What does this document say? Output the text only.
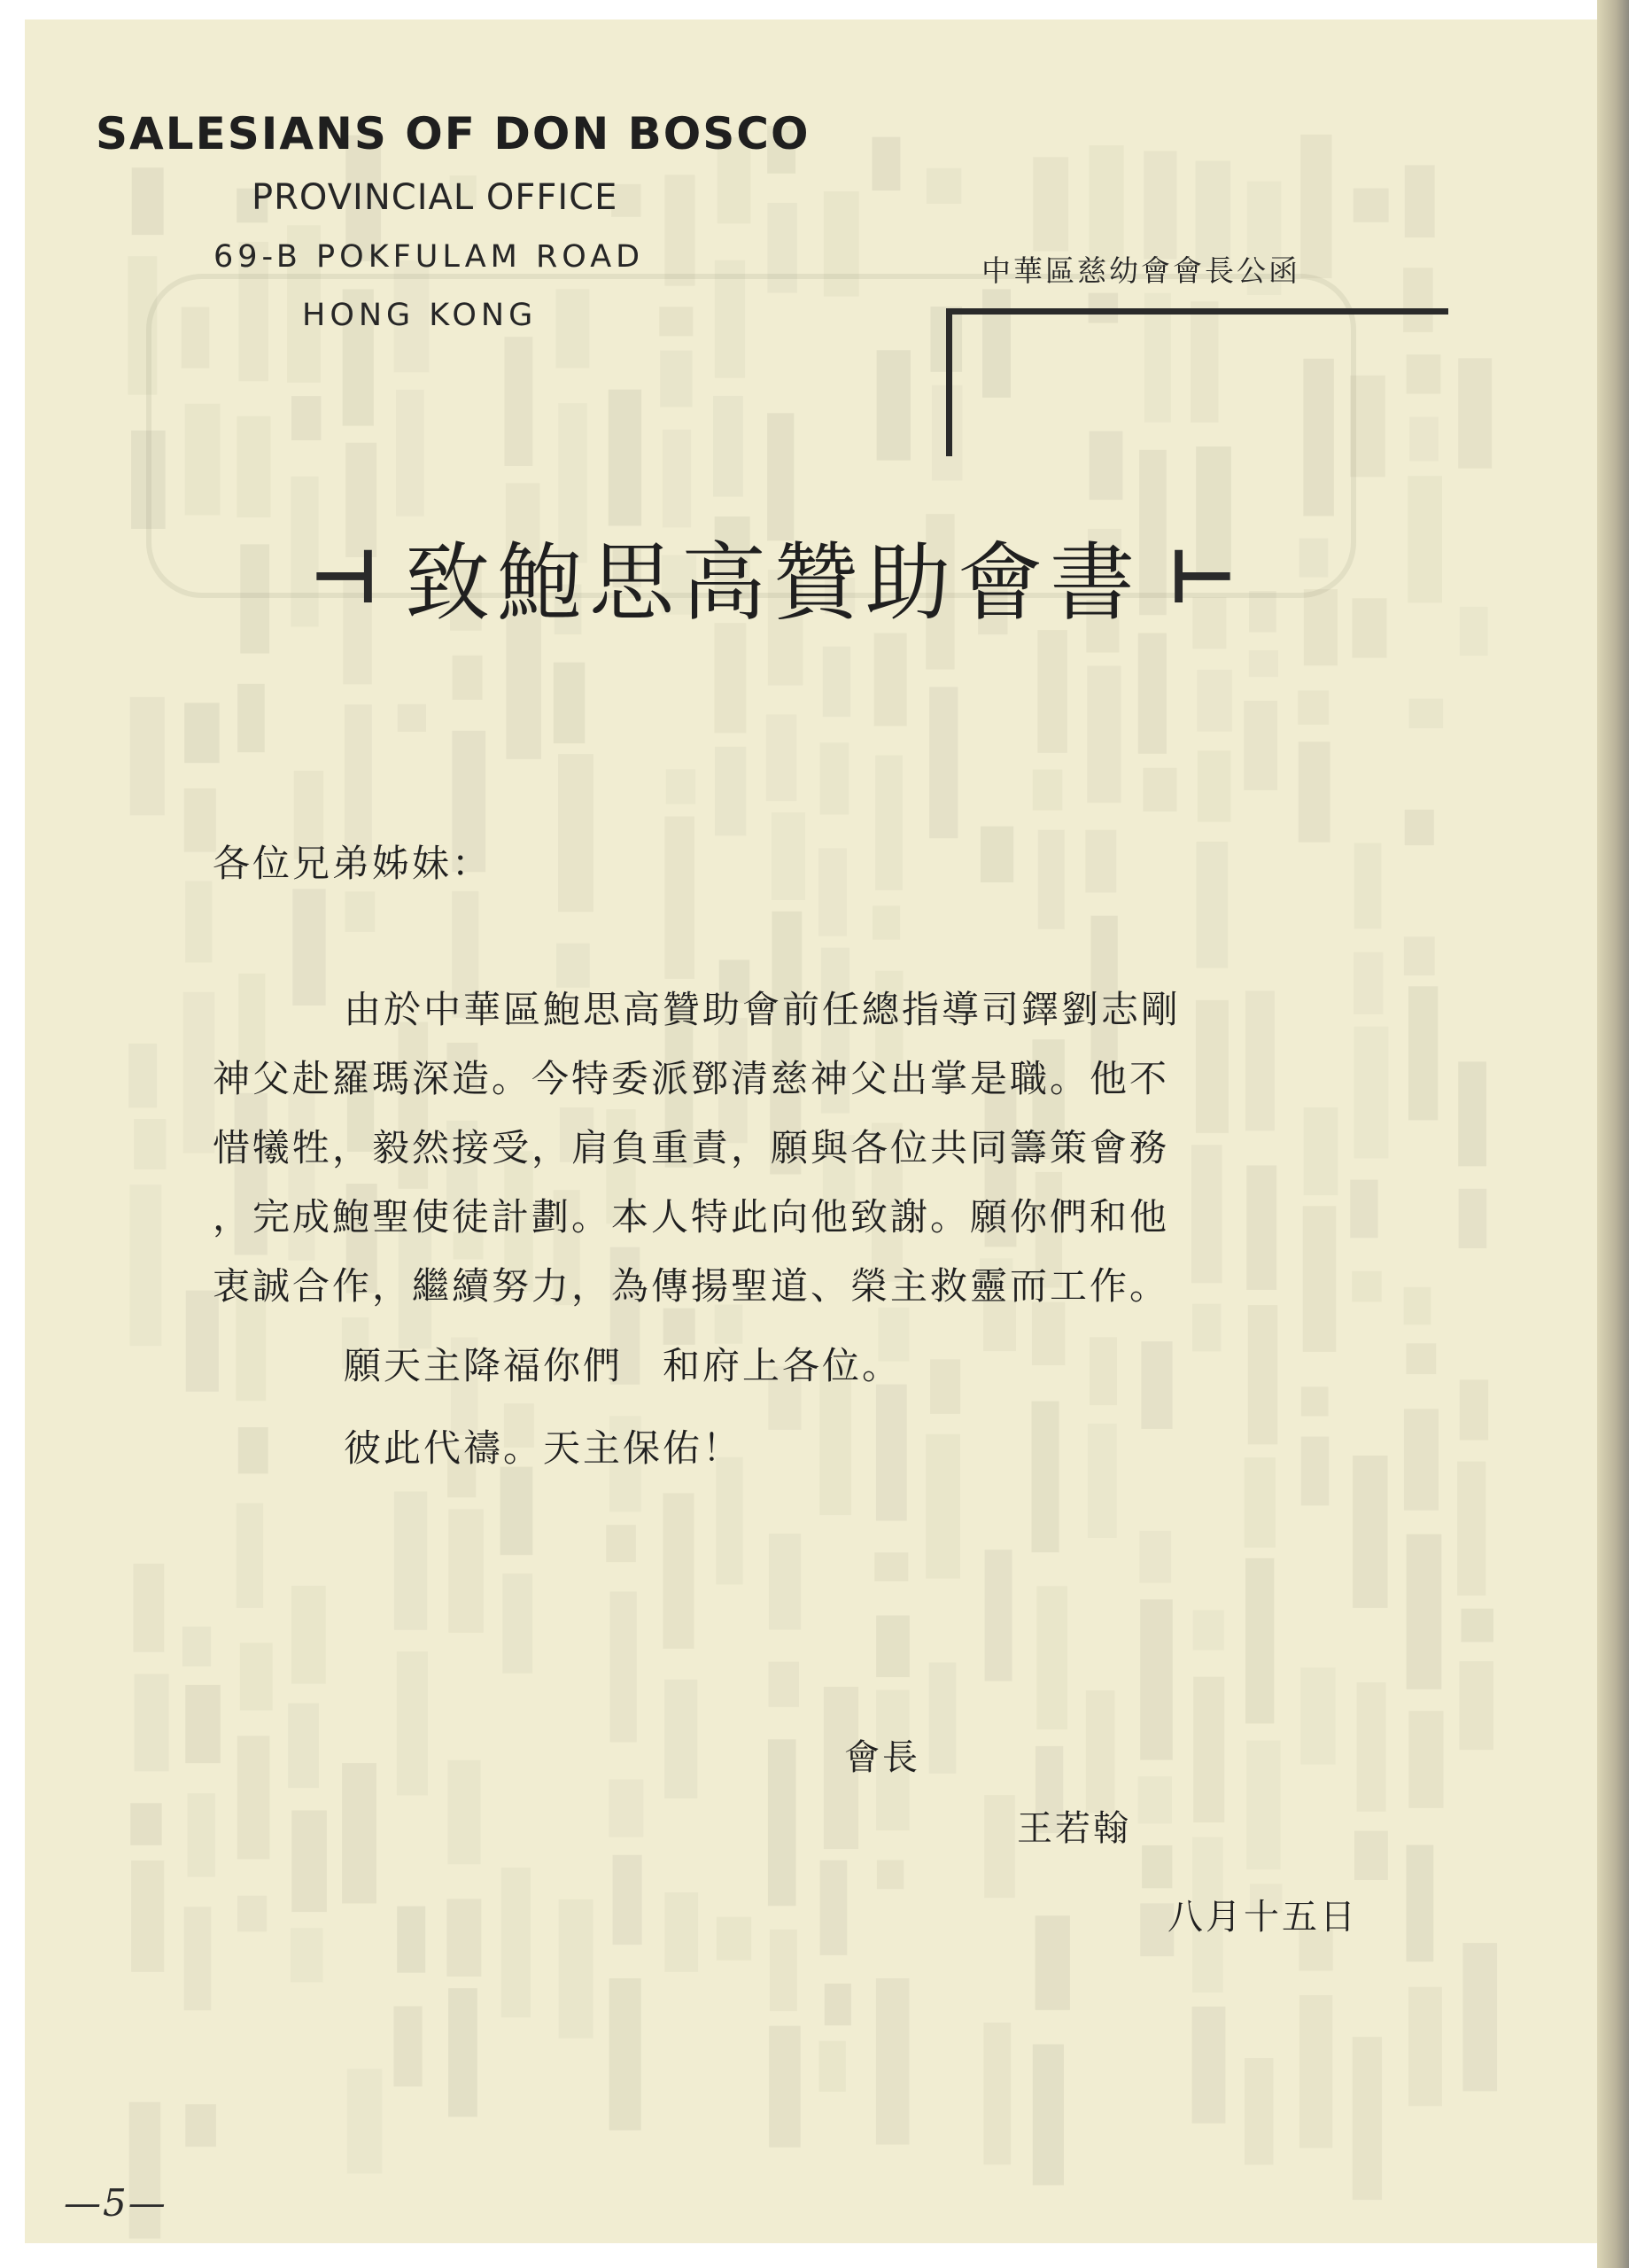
SALESIANS OF DON BOSCO
PROVINCIAL OFFICE
69-B POKFULAM ROAD
HONG KONG
中華區慈幼會會長公函
⊣ 致鮑思高贊助會書 ⊢
各位兄弟姊妹：
由於中華區鮑思高贊助會前任總指導司鐸劉志剛
神父赴羅瑪深造。今特委派鄧清慈神父出掌是職。他不
惜犧牲，毅然接受，肩負重責，願與各位共同籌策會務
，完成鮑聖使徒計劃。本人特此向他致謝。願你們和他
衷誠合作，繼續努力，為傳揚聖道、榮主救靈而工作。
願天主降福你們　和府上各位。
彼此代禱。天主保佑！
會長
王若翰
八月十五日
—5—
